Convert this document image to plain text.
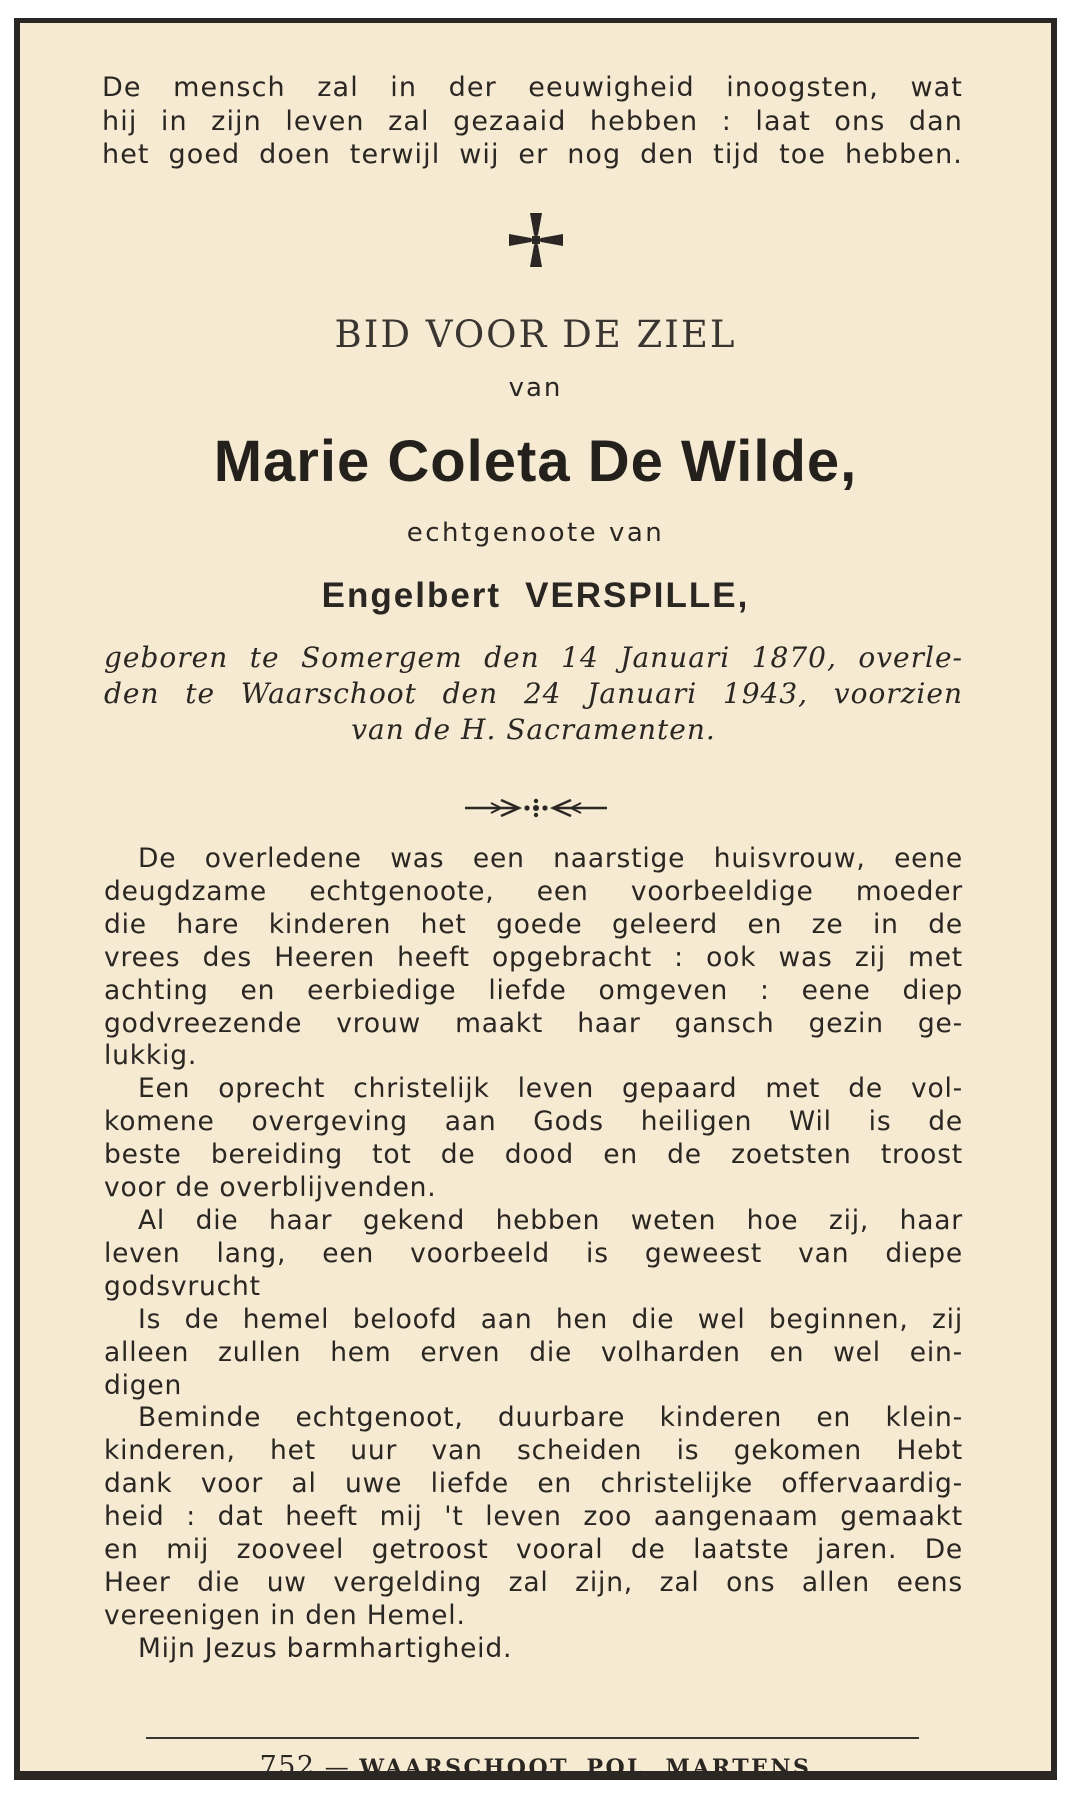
De mensch zal in der eeuwigheid inoogsten, wat
hij in zijn leven zal gezaaid hebben : laat ons dan
het goed doen terwijl wij er nog den tijd toe hebben.
BID VOOR DE ZIEL
van
Marie Coleta De Wilde,
echtgenoote van
Engelbert VERSPILLE,
geboren te Somergem den 14 Januari 1870, overle-
den te Waarschoot den 24 Januari 1943, voorzien
van de H. Sacramenten.
De overledene was een naarstige huisvrouw, eene
deugdzame echtgenoote, een voorbeeldige moeder
die hare kinderen het goede geleerd en ze in de
vrees des Heeren heeft opgebracht : ook was zij met
achting en eerbiedige liefde omgeven : eene diep
godvreezende vrouw maakt haar gansch gezin ge-
lukkig.
Een oprecht christelijk leven gepaard met de vol-
komene overgeving aan Gods heiligen Wil is de
beste bereiding tot de dood en de zoetsten troost
voor de overblijvenden.
Al die haar gekend hebben weten hoe zij, haar
leven lang, een voorbeeld is geweest van diepe
godsvrucht
Is de hemel beloofd aan hen die wel beginnen, zij
alleen zullen hem erven die volharden en wel ein-
digen
Beminde echtgenoot, duurbare kinderen en klein-
kinderen, het uur van scheiden is gekomen Hebt
dank voor al uwe liefde en christelijke offervaardig-
heid : dat heeft mij 't leven zoo aangenaam gemaakt
en mij zooveel getroost vooral de laatste jaren. De
Heer die uw vergelding zal zijn, zal ons allen eens
vereenigen in den Hemel.
Mijn Jezus barmhartigheid.
752 — WAARSCHOOT. POL. MARTENS
